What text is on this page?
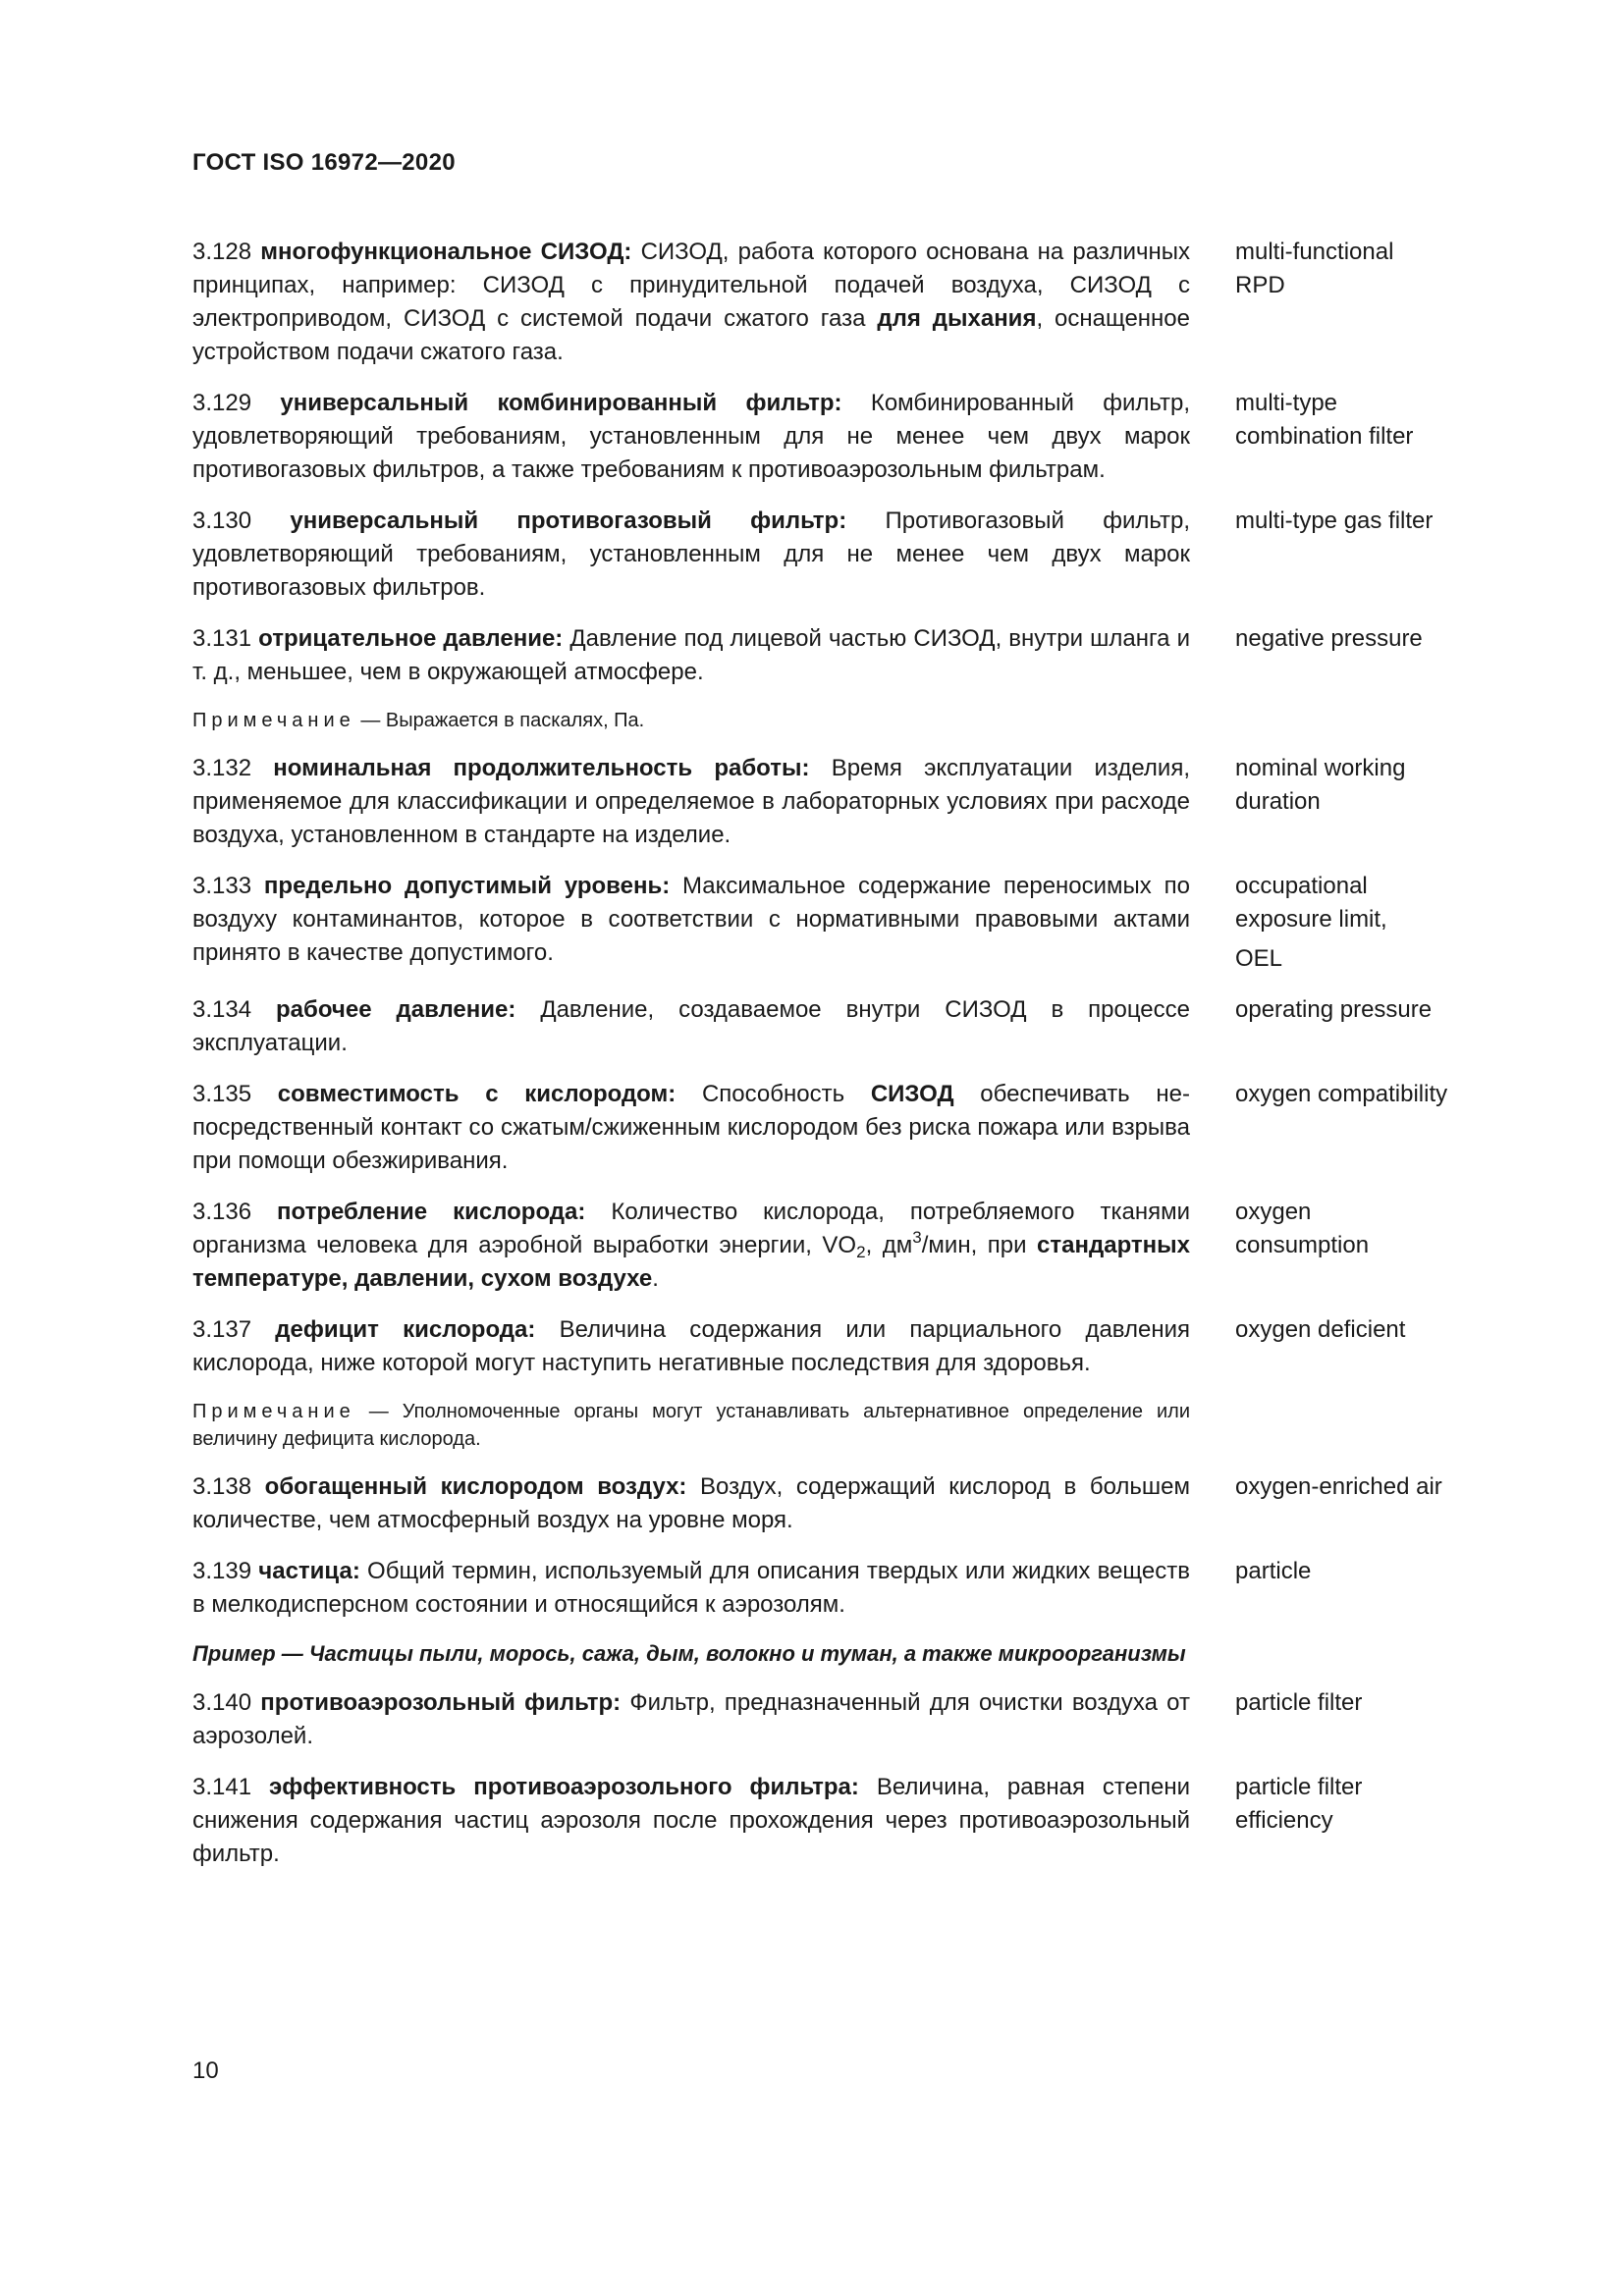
ГОСТ ISO 16972—2020
3.128 многофункциональное СИЗОД: СИЗОД, работа которого основана на различных принципах, например: СИЗОД с принудительной подачей воздуха, СИЗОД с электроприводом, СИЗОД с системой подачи сжатого газа для дыхания, оснащенное устройством подачи сжатого газа.
multi-functional
RPD
3.129 универсальный комбинированный фильтр: Комбинированный фильтр, удовлетворяющий требованиям, установленным для не менее чем двух марок противогазовых фильтров, а также требованиям к противоаэрозольным фильтрам.
multi-type
combination filter
3.130 универсальный противогазовый фильтр: Противогазовый фильтр, удовлетворяющий требованиям, установленным для не менее чем двух марок противогазовых фильтров.
multi-type gas filter
3.131 отрицательное давление: Давление под лицевой частью СИЗОД, внутри шланга и т. д., меньшее, чем в окружающей атмосфере.
negative pressure
Примечание — Выражается в паскалях, Па.
3.132 номинальная продолжительность работы: Время эксплуатации изделия, применяемое для классификации и определяемое в лабораторных условиях при расходе воздуха, установленном в стандарте на изделие.
nominal working
duration
3.133 предельно допустимый уровень: Максимальное содержание переносимых по воздуху контаминантов, которое в соответствии с нормативными правовыми актами принято в качестве допустимого.
occupational
exposure limit,
OEL
3.134 рабочее давление: Давление, создаваемое внутри СИЗОД в процессе эксплуатации.
operating pressure
3.135 совместимость с кислородом: Способность СИЗОД обеспечивать непосредственный контакт со сжатым/сжиженным кислородом без риска пожара или взрыва при помощи обезжиривания.
oxygen compatibility
3.136 потребление кислорода: Количество кислорода, потребляемого тканями организма человека для аэробной выработки энергии, $VO_2$, $дм^3$/мин, при стандартных температуре, давлении, сухом воздухе.
oxygen
consumption
3.137 дефицит кислорода: Величина содержания или парциального давления кислорода, ниже которой могут наступить негативные последствия для здоровья.
oxygen deficient
Примечание — Уполномоченные органы могут устанавливать альтернативное определение или величину дефицита кислорода.
3.138 обогащенный кислородом воздух: Воздух, содержащий кислород в большем количестве, чем атмосферный воздух на уровне моря.
oxygen-enriched air
3.139 частица: Общий термин, используемый для описания твердых или жидких веществ в мелкодисперсном состоянии и относящийся к аэрозолям.
particle
Пример — Частицы пыли, морось, сажа, дым, волокно и туман, а также микроорганизмы
3.140 противоаэрозольный фильтр: Фильтр, предназначенный для очистки воздуха от аэрозолей.
particle filter
3.141 эффективность противоаэрозольного фильтра: Величина, равная степени снижения содержания частиц аэрозоля после прохождения через противоаэрозольный фильтр.
particle filter
efficiency
10
